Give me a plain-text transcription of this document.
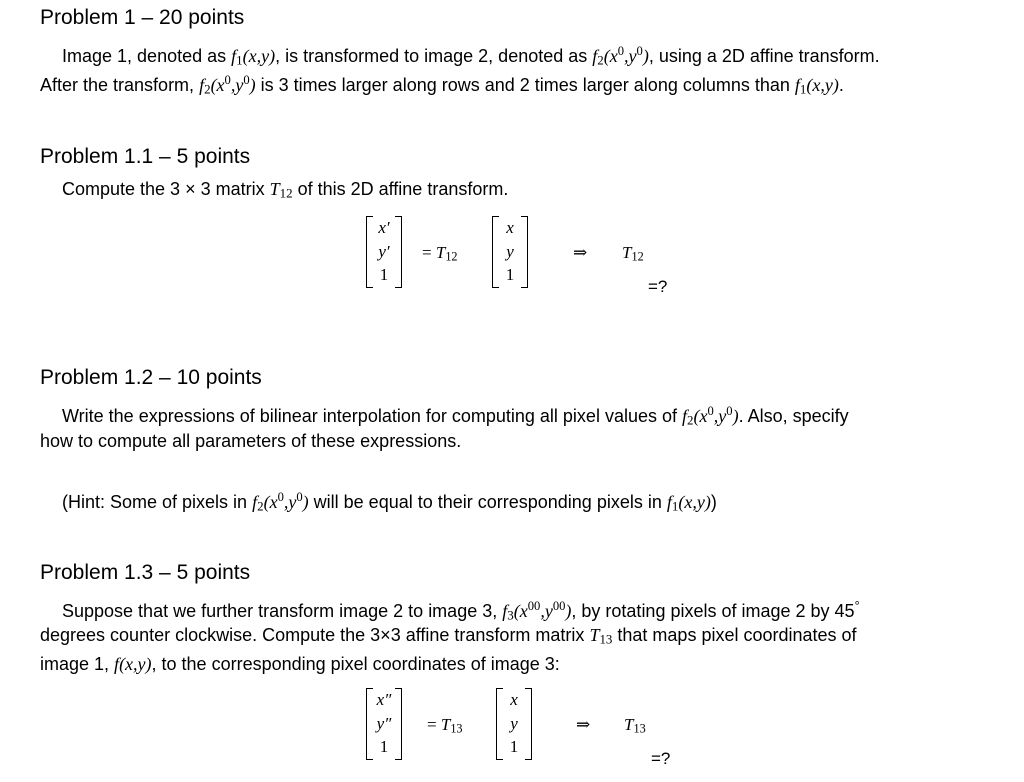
Problem 1 – 20 points
Image 1, denoted as f1(x,y), is transformed to image 2, denoted as $f2(x^0,y^0)$, using a 2D affine transform.
After the transform, $f2(x^0,y^0)$ is 3 times larger along rows and 2 times larger along columns than f1(x,y).
Problem 1.1 – 5 points
Compute the 3 × 3 matrix T12 of this 2D affine transform.
x′
y′
1
= T12
x
y
1
⇒ T12
=?
Problem 1.2 – 10 points
Write the expressions of bilinear interpolation for computing all pixel values of $f2(x^0,y^0)$. Also, specify
how to compute all parameters of these expressions.
(Hint: Some of pixels in $f2(x^0,y^0)$ will be equal to their corresponding pixels in f1(x,y))
Problem 1.3 – 5 points
Suppose that we further transform image 2 to image 3, $f3(x^{00},y^{00})$, by rotating pixels of image 2 by 45°
degrees counter clockwise. Compute the 3×3 affine transform matrix T13 that maps pixel coordinates of
image 1, f(x,y), to the corresponding pixel coordinates of image 3:
x″
y″
1
= T13
x
y
1
⇒ T13
=?
